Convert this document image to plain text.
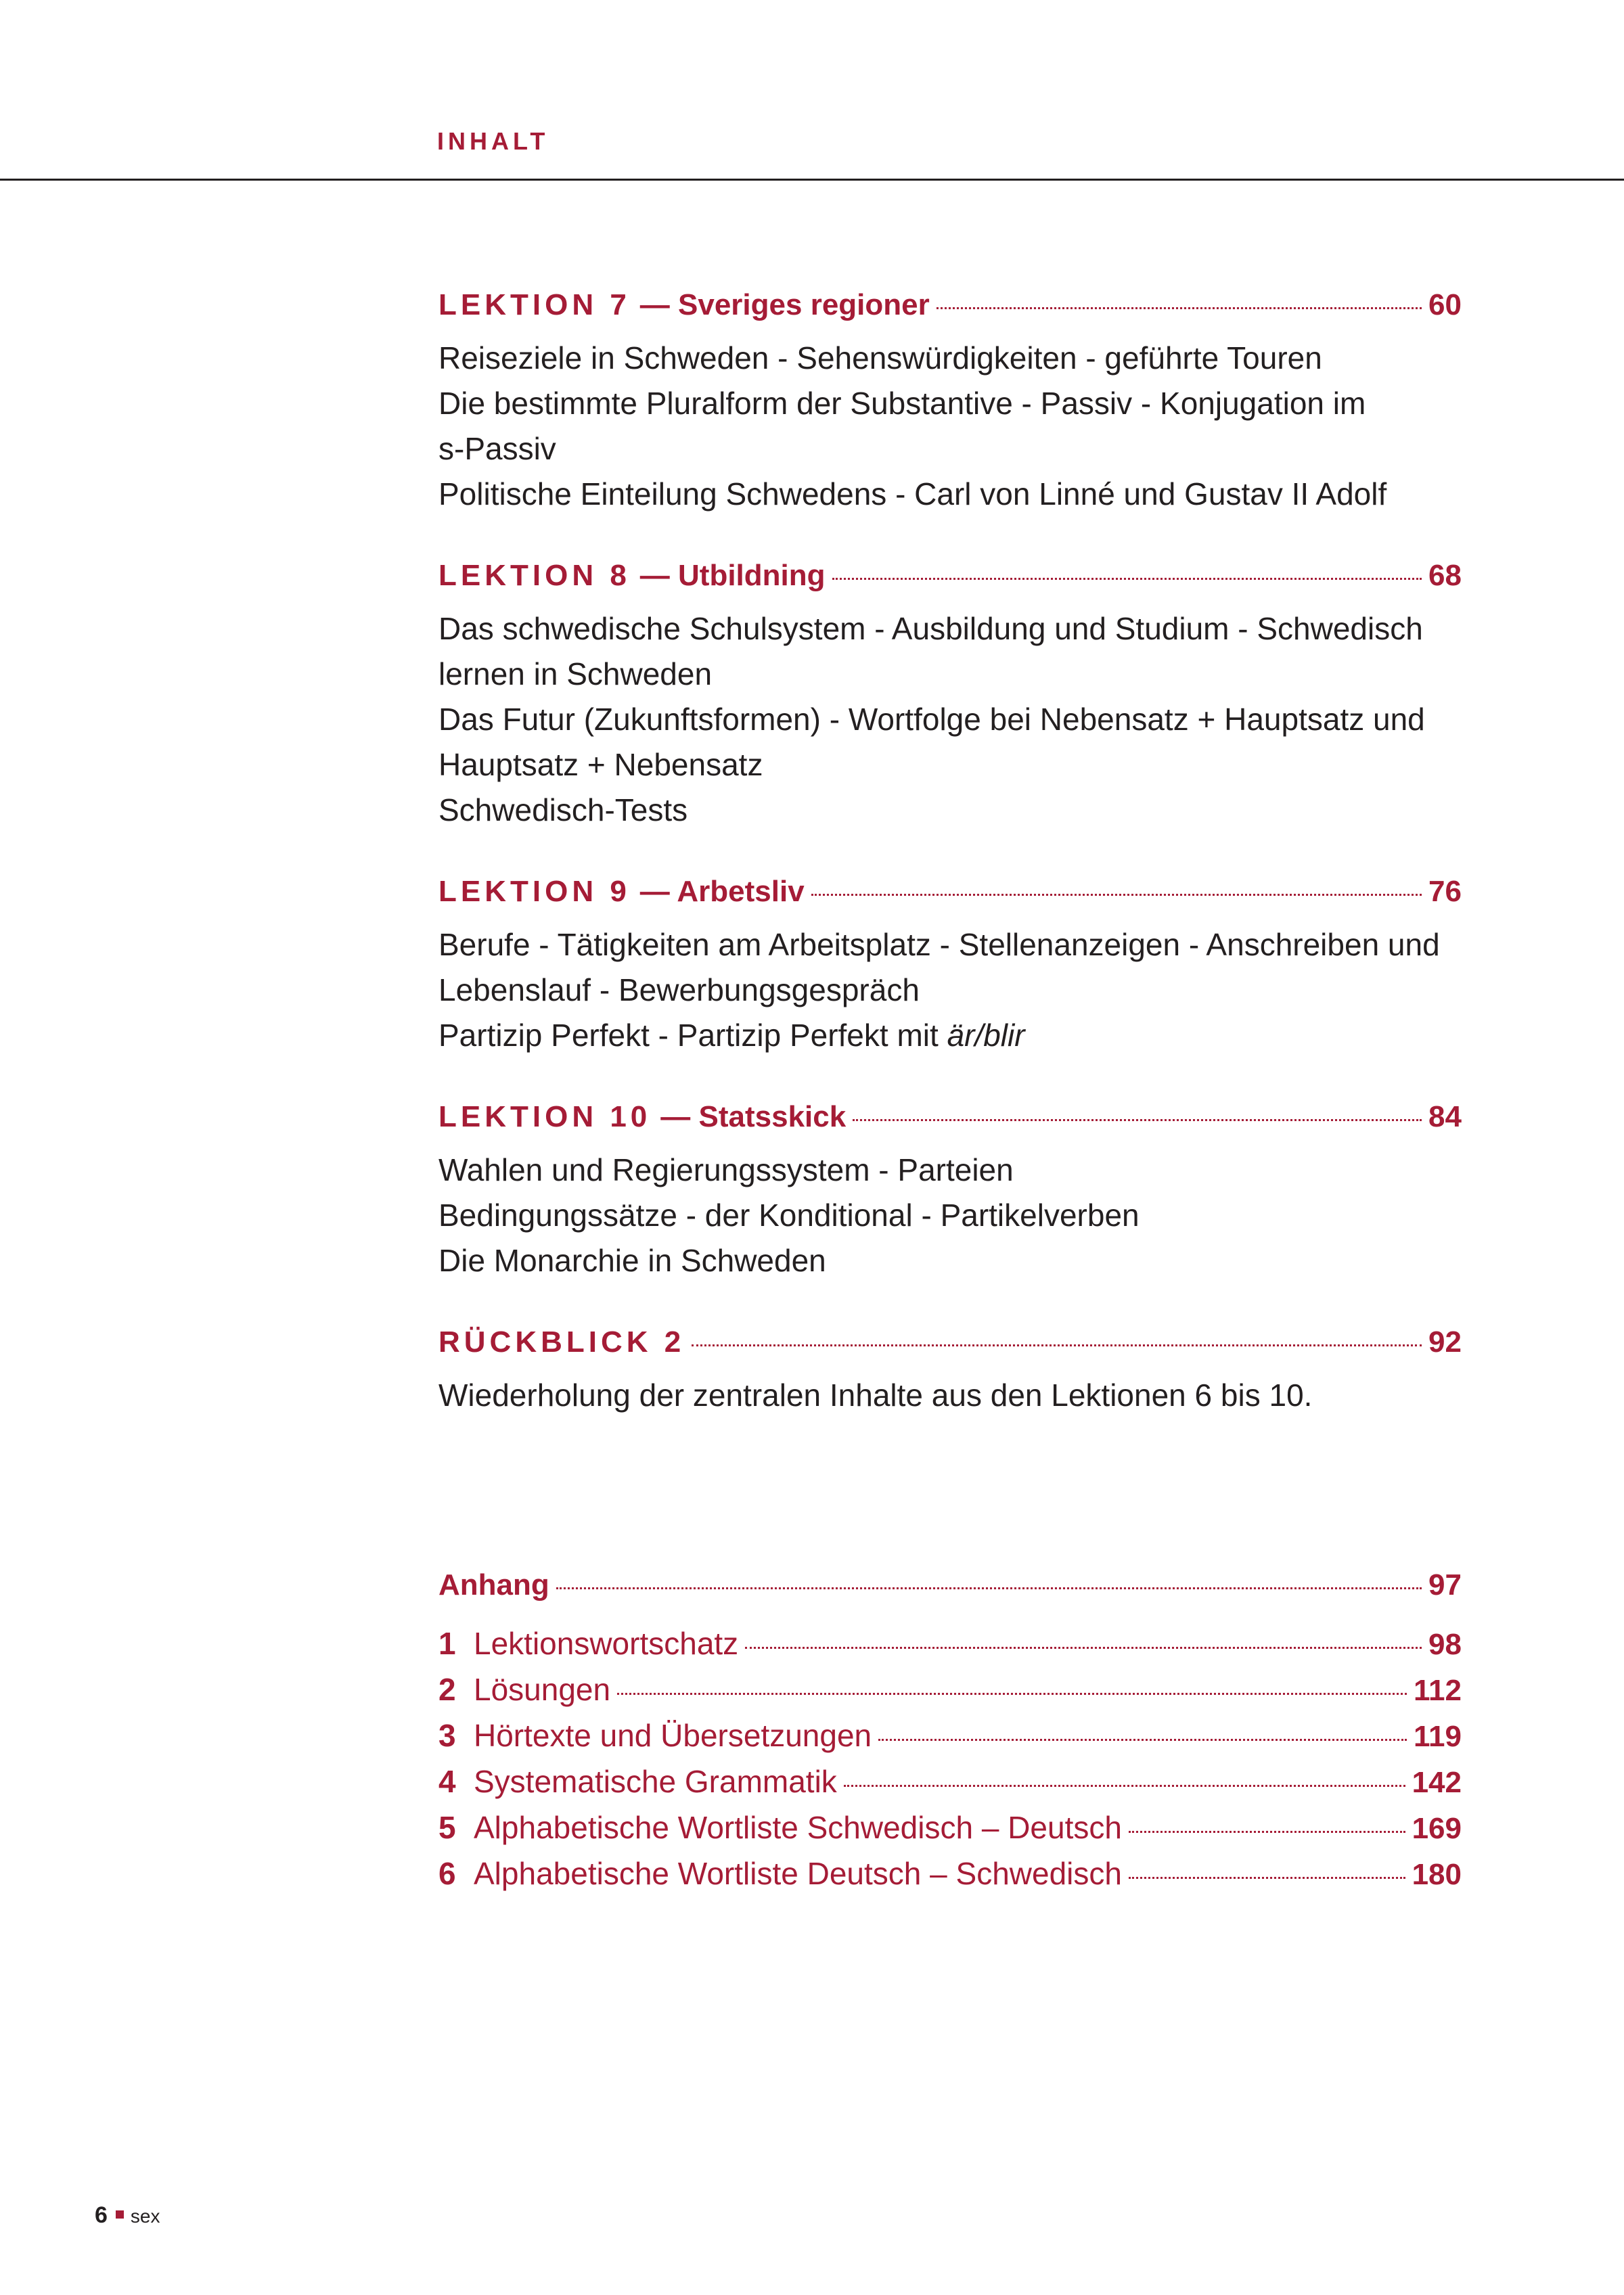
INHALT
LEKTION 7 — Sveriges regioner	60

Reiseziele in Schweden - Sehenswürdigkeiten - geführte Touren

Die bestimmte Pluralform der Substantive - Passiv - Konjugation im

s-Passiv

Politische Einteilung Schwedens - Carl von Linné und Gustav II Adolf

LEKTION 8 — Utbildning	68

Das schwedische Schulsystem - Ausbildung und Studium - Schwedisch

lernen in Schweden

Das Futur (Zukunftsformen) - Wortfolge bei Nebensatz + Hauptsatz und

Hauptsatz + Nebensatz

Schwedisch-Tests

LEKTION 9 — Arbetsliv	76

Berufe - Tätigkeiten am Arbeitsplatz - Stellenanzeigen - Anschreiben und

Lebenslauf - Bewerbungsgespräch

Partizip Perfekt - Partizip Perfekt mit är/blir

LEKTION 10 — Statsskick	84

Wahlen und Regierungssystem - Parteien

Bedingungssätze - der Konditional - Partikelverben

Die Monarchie in Schweden

RÜCKBLICK 2	92

Wiederholung der zentralen Inhalte aus den Lektionen 6 bis 10.

Anhang	97
1 Lektionswortschatz	98
2 Lösungen	112
3 Hörtexte und Übersetzungen	119
4 Systematische Grammatik	142
5 Alphabetische Wortliste Schwedisch – Deutsch	169
6 Alphabetische Wortliste Deutsch – Schwedisch	180
6 sex
